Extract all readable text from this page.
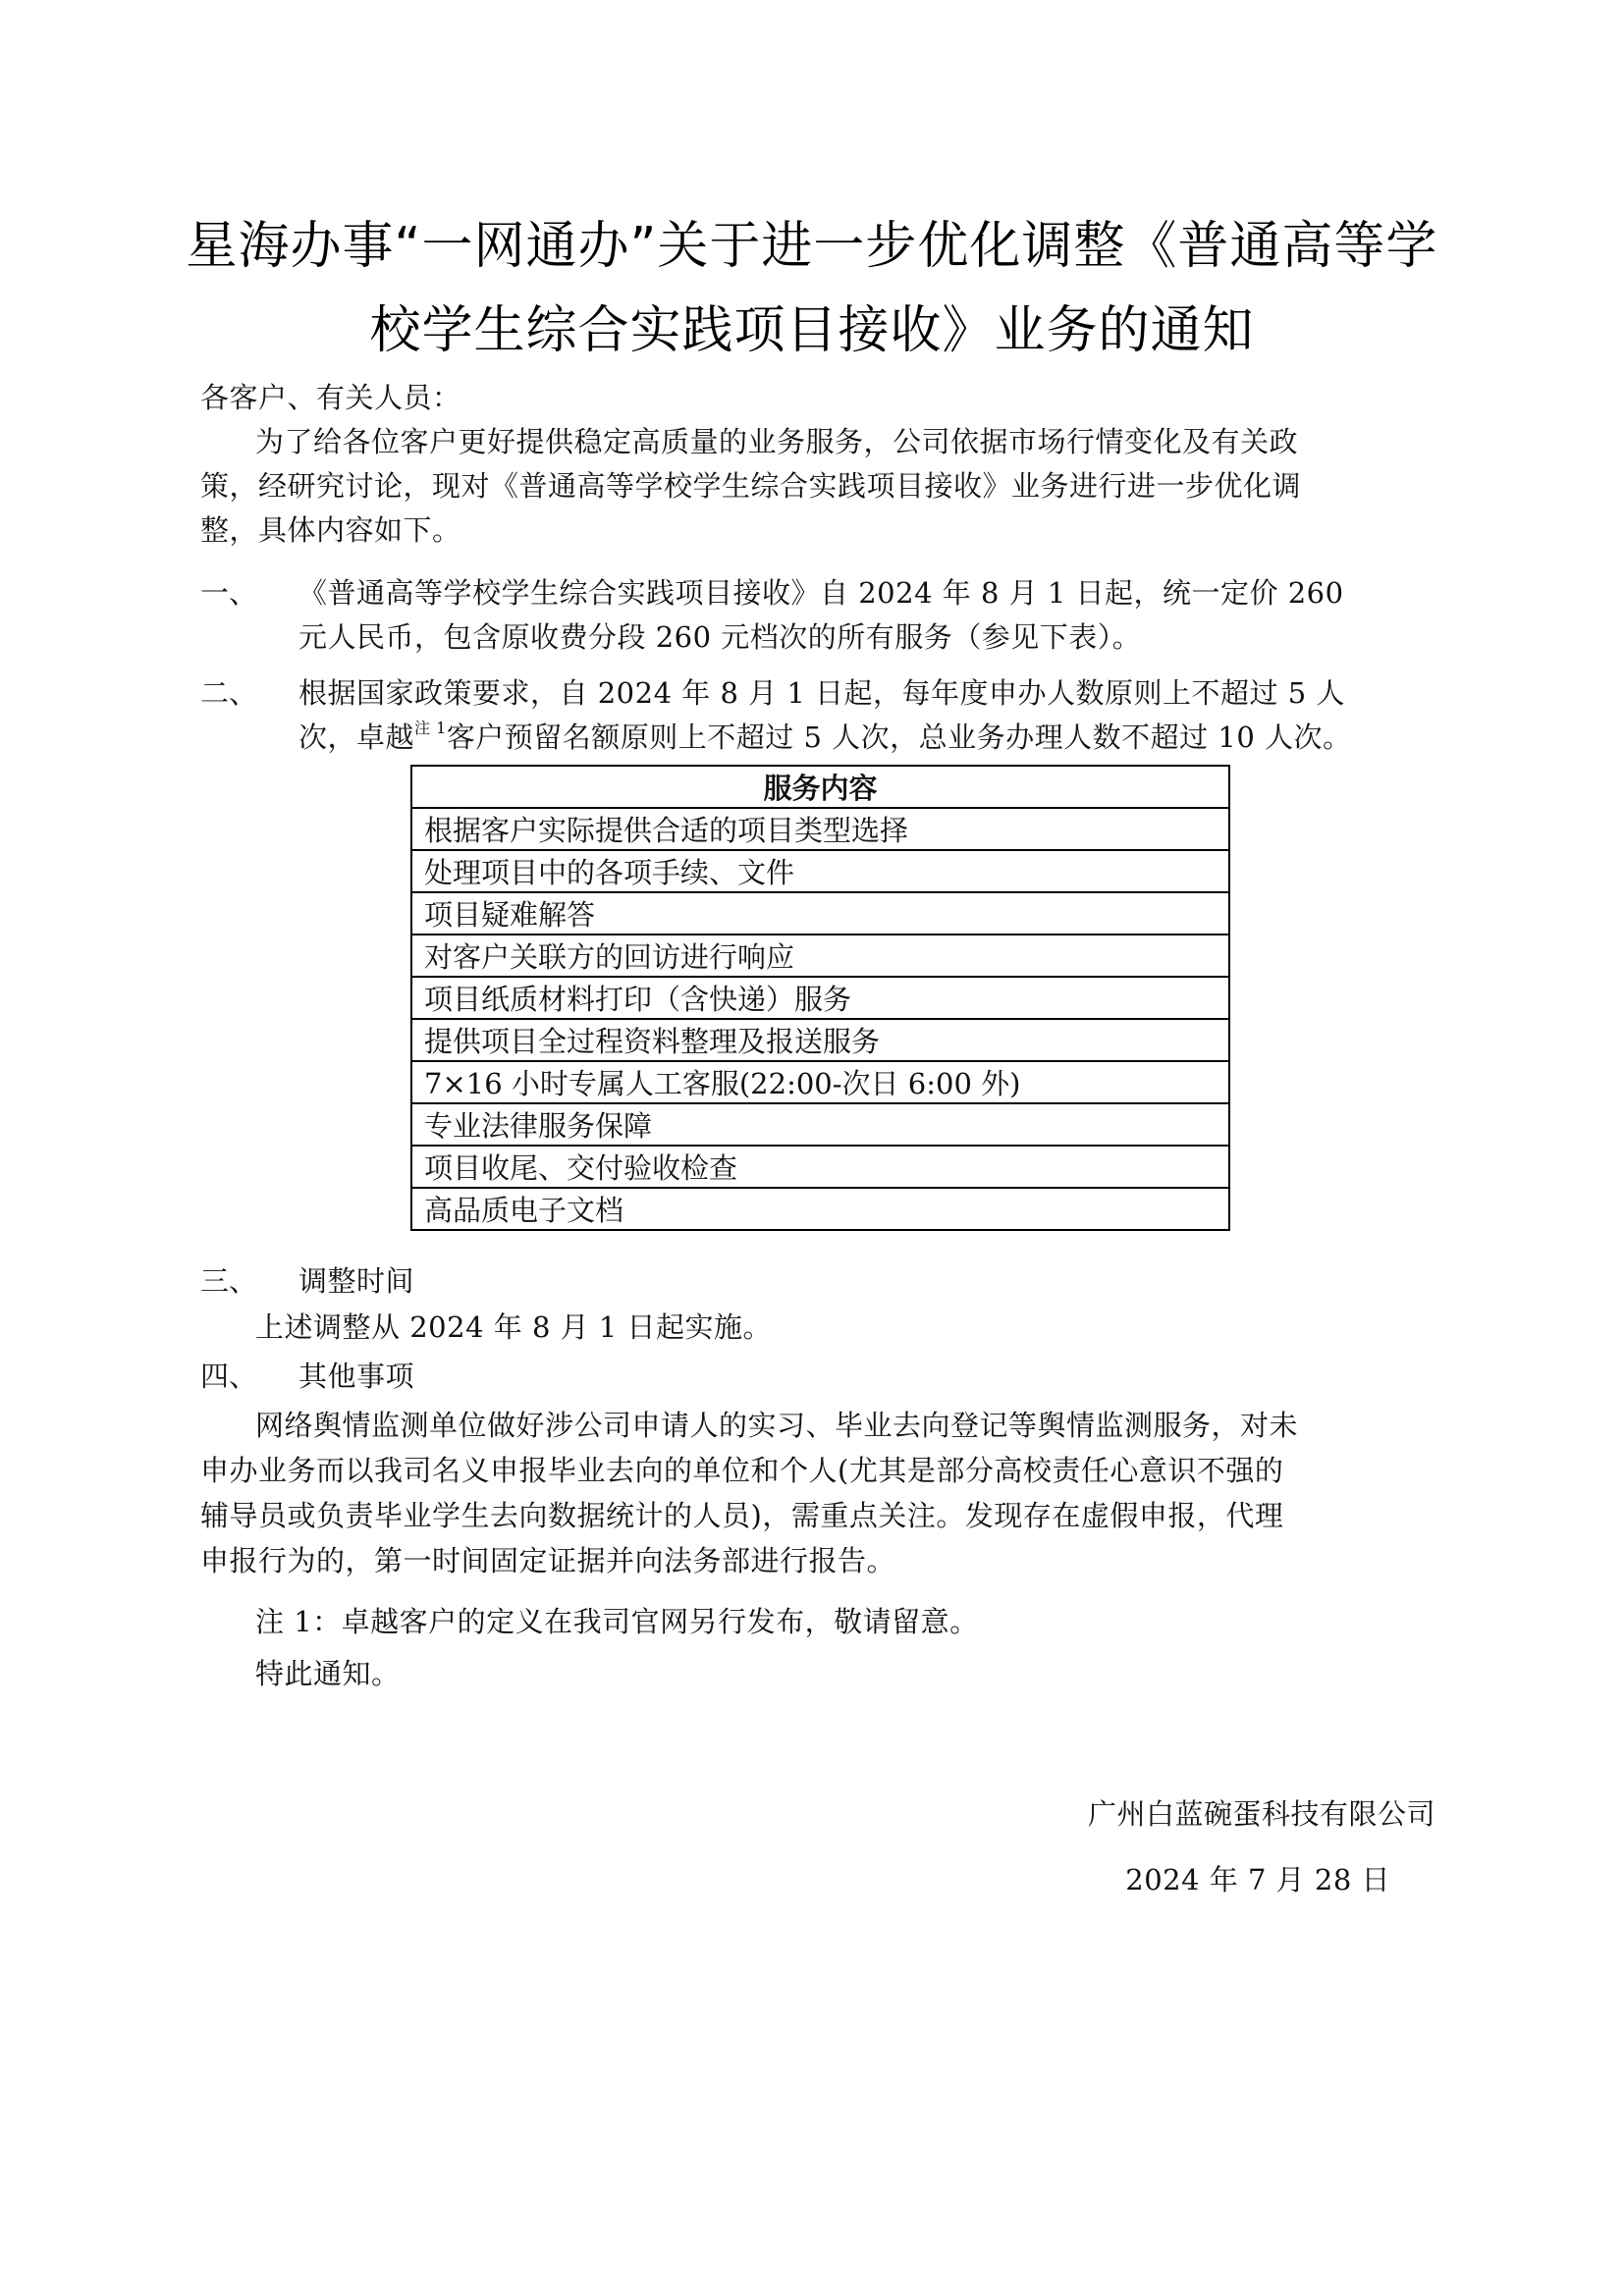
星海办事“一网通办”关于进一步优化调整《普通高等学
校学生综合实践项目接收》业务的通知
各客户、有关人员：
为了给各位客户更好提供稳定高质量的业务服务，公司依据市场行情变化及有关政
策，经研究讨论，现对《普通高等学校学生综合实践项目接收》业务进行进一步优化调
整，具体内容如下。
一、 《普通高等学校学生综合实践项目接收》自 2024 年 8 月 1 日起，统一定价 260
元人民币，包含原收费分段 260 元档次的所有服务（参见下表）。
二、 根据国家政策要求，自 2024 年 8 月 1 日起，每年度申办人数原则上不超过 5 人
次，卓越$^{注 1}$客户预留名额原则上不超过 5 人次，总业务办理人数不超过 10 人次。
服务内容
根据客户实际提供合适的项目类型选择
处理项目中的各项手续、文件
项目疑难解答
对客户关联方的回访进行响应
项目纸质材料打印（含快递）服务
提供项目全过程资料整理及报送服务
7×16 小时专属人工客服(22:00-次日 6:00 外)
专业法律服务保障
项目收尾、交付验收检查
高品质电子文档
三、 调整时间
上述调整从 2024 年 8 月 1 日起实施。
四、 其他事项
网络舆情监测单位做好涉公司申请人的实习、毕业去向登记等舆情监测服务，对未
申办业务而以我司名义申报毕业去向的单位和个人(尤其是部分高校责任心意识不强的
辅导员或负责毕业学生去向数据统计的人员)，需重点关注。发现存在虚假申报，代理
申报行为的，第一时间固定证据并向法务部进行报告。
注 1：卓越客户的定义在我司官网另行发布，敬请留意。
特此通知。
广州白蓝碗蛋科技有限公司
2024 年 7 月 28 日
